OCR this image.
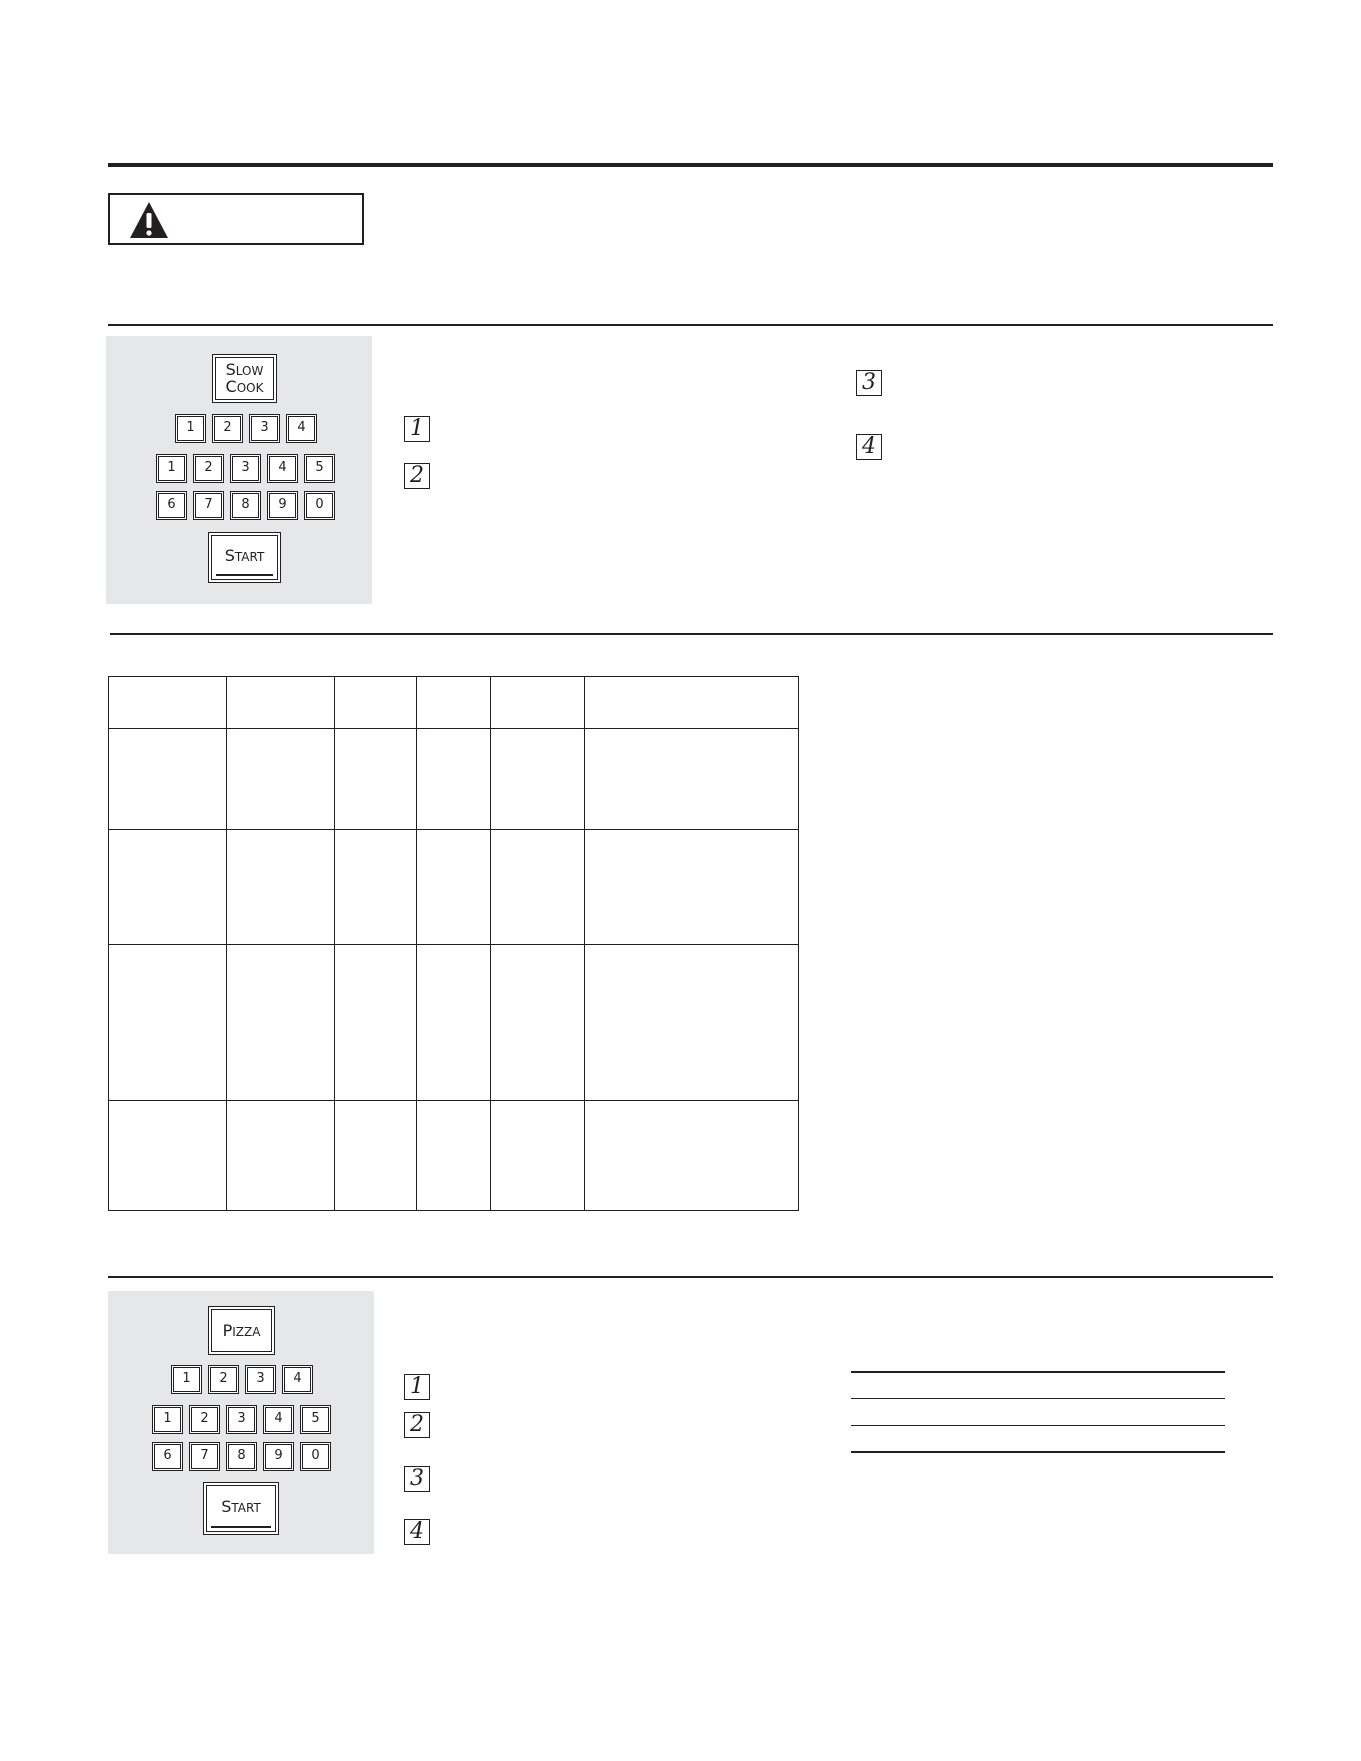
SLOW
COOK
1	2	3	4
1	2	3	4	5
6	7	8	9	0
START
1
2
3
4
PIZZA
1	2	3	4
1	2	3	4	5
6	7	8	9	0
START
1
2
3
4
